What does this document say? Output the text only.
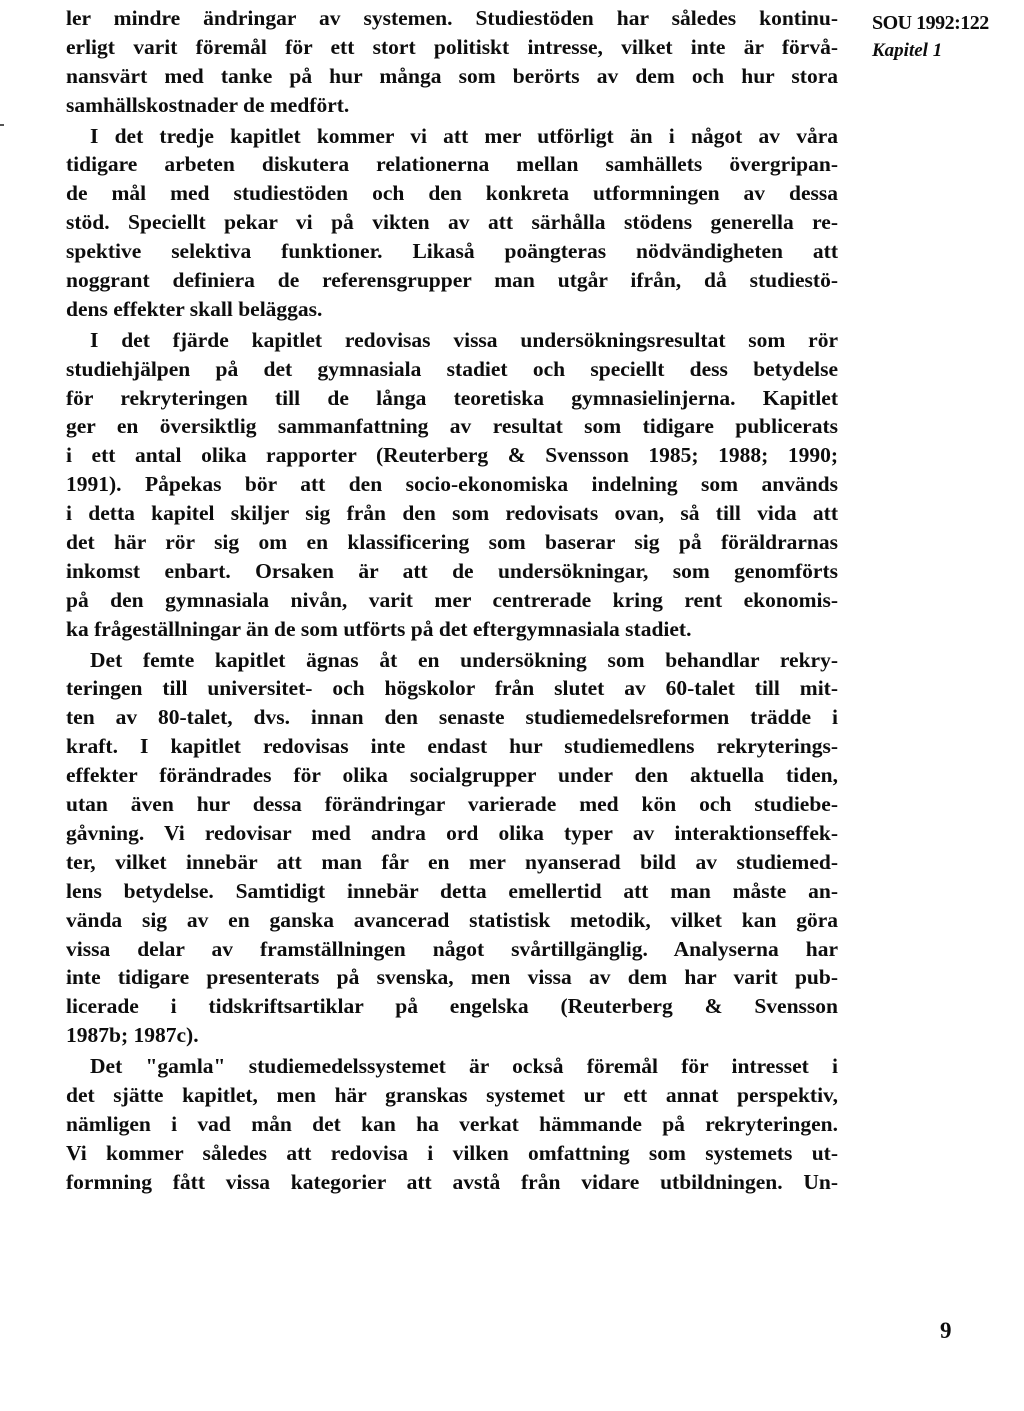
SOU 1992:122
Kapitel 1
ler mindre ändringar av systemen. Studiestöden har således kontinu-
erligt varit föremål för ett stort politiskt intresse, vilket inte är förvå-
nansvärt med tanke på hur många som berörts av dem och hur stora
samhällskostnader de medfört.
I det tredje kapitlet kommer vi att mer utförligt än i något av våra
tidigare arbeten diskutera relationerna mellan samhällets övergripan-
de mål med studiestöden och den konkreta utformningen av dessa
stöd. Speciellt pekar vi på vikten av att särhålla stödens generella re-
spektive selektiva funktioner. Likaså poängteras nödvändigheten att
noggrant definiera de referensgrupper man utgår ifrån, då studiestö-
dens effekter skall beläggas.
I det fjärde kapitlet redovisas vissa undersökningsresultat som rör
studiehjälpen på det gymnasiala stadiet och speciellt dess betydelse
för rekryteringen till de långa teoretiska gymnasielinjerna. Kapitlet
ger en översiktlig sammanfattning av resultat som tidigare publicerats
i ett antal olika rapporter (Reuterberg & Svensson 1985; 1988; 1990;
1991). Påpekas bör att den socio-ekonomiska indelning som används
i detta kapitel skiljer sig från den som redovisats ovan, så till vida att
det här rör sig om en klassificering som baserar sig på föräldrarnas
inkomst enbart. Orsaken är att de undersökningar, som genomförts
på den gymnasiala nivån, varit mer centrerade kring rent ekonomis-
ka frågeställningar än de som utförts på det eftergymnasiala stadiet.
Det femte kapitlet ägnas åt en undersökning som behandlar rekry-
teringen till universitet- och högskolor från slutet av 60-talet till mit-
ten av 80-talet, dvs. innan den senaste studiemedelsreformen trädde i
kraft. I kapitlet redovisas inte endast hur studiemedlens rekryterings-
effekter förändrades för olika socialgrupper under den aktuella tiden,
utan även hur dessa förändringar varierade med kön och studiebe-
gåvning. Vi redovisar med andra ord olika typer av interaktionseffek-
ter, vilket innebär att man får en mer nyanserad bild av studiemed-
lens betydelse. Samtidigt innebär detta emellertid att man måste an-
vända sig av en ganska avancerad statistisk metodik, vilket kan göra
vissa delar av framställningen något svårtillgänglig. Analyserna har
inte tidigare presenterats på svenska, men vissa av dem har varit pub-
licerade i tidskriftsartiklar på engelska (Reuterberg & Svensson
1987b; 1987c).
Det "gamla" studiemedelssystemet är också föremål för intresset i
det sjätte kapitlet, men här granskas systemet ur ett annat perspektiv,
nämligen i vad mån det kan ha verkat hämmande på rekryteringen.
Vi kommer således att redovisa i vilken omfattning som systemets ut-
formning fått vissa kategorier att avstå från vidare utbildningen. Un-
9
